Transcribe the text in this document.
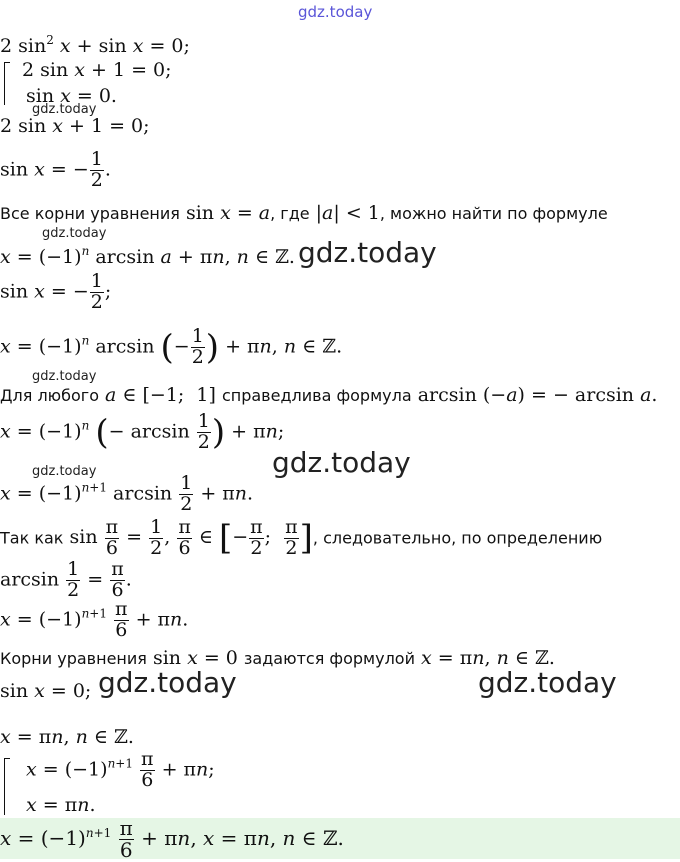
gdz.today
gdz.today
gdz.today
gdz.today
gdz.today
gdz.today	gdz.today
gdz.today	gdz.today
2 $\sin^2 x + \sin x = 0$;
2 sin x + 1 = 0;
sin x = 0.
2 sin x + 1 = 0;
sin x = − $\frac{1}{2}$ .
Все корни уравнения sin x = a, где |a| < 1, можно найти по формуле
$x = (-1)^n$ arcsin a + πn, n ∈ ℤ.
sin x = − $\frac{1}{2}$ ;
$x = (-1)^n$ arcsin (− $\frac{1}{2}$ ) + πn, n ∈ ℤ.
Для любого a ∈ [−1;  1] справедлива формула arcsin (−a) = − arcsin a.
$x = (-1)^n$ (− $\arcsin \frac{1}{2}$ ) + πn;
$x = (-1)^{n+1}$ $\arcsin \frac{1}{2} + \pi n$.
Так как $\sin \frac{\pi}{6} = \frac{1}{2}$ , $\frac{\pi}{6}$ ∈ [− $\frac{\pi}{2}$ ; $\frac{\pi}{2}$ ], следовательно, по определению
$\arcsin \frac{1}{2} = \frac{\pi}{6}$ .
$x = (-1)^{n+1} \frac{\pi}{6} + \pi n$.
Корни уравнения sin x = 0 задаются формулой x = πn, n ∈ ℤ.
sin x = 0;
x = πn, n ∈ ℤ.
$x = (-1)^{n+1} \frac{\pi}{6} + \pi n$;
x = πn.
$x = (-1)^{n+1} \frac{\pi}{6} + \pi n$, x = πn, n ∈ ℤ.
